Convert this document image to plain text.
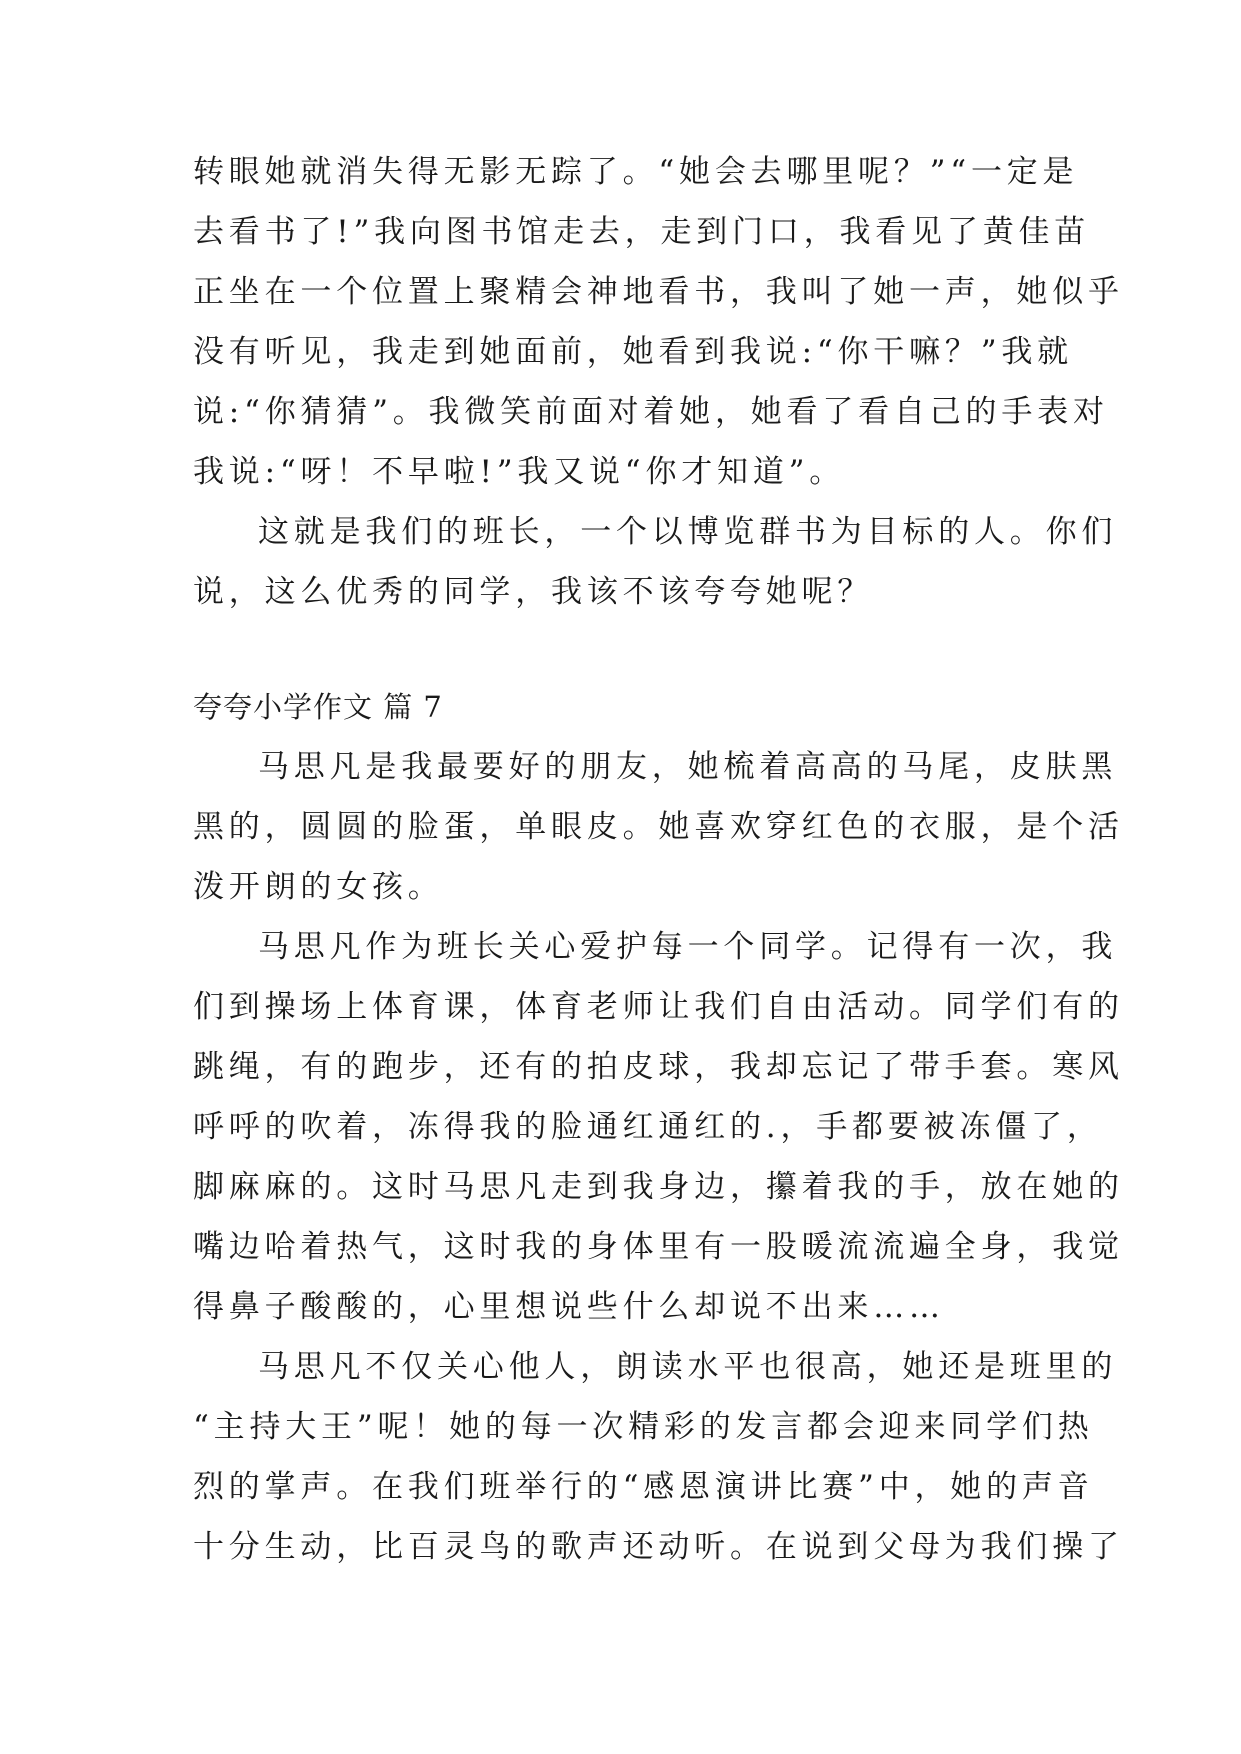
转眼她就消失得无影无踪了。“她会去哪里呢？”“一定是
去看书了!”我向图书馆走去，走到门口，我看见了黄佳苗
正坐在一个位置上聚精会神地看书，我叫了她一声，她似乎
没有听见，我走到她面前，她看到我说:“你干嘛？”我就
说:“你猜猜”。我微笑前面对着她，她看了看自己的手表对
我说:“呀！不早啦!”我又说“你才知道”。
这就是我们的班长，一个以博览群书为目标的人。你们
说，这么优秀的同学，我该不该夸夸她呢？
夸夸小学作文 篇 7
马思凡是我最要好的朋友，她梳着高高的马尾，皮肤黑
黑的，圆圆的脸蛋，单眼皮。她喜欢穿红色的衣服，是个活
泼开朗的女孩。
马思凡作为班长关心爱护每一个同学。记得有一次，我
们到操场上体育课，体育老师让我们自由活动。同学们有的
跳绳，有的跑步，还有的拍皮球，我却忘记了带手套。寒风
呼呼的吹着，冻得我的脸通红通红的.，手都要被冻僵了，
脚麻麻的。这时马思凡走到我身边，攥着我的手，放在她的
嘴边哈着热气，这时我的身体里有一股暖流流遍全身，我觉
得鼻子酸酸的，心里想说些什么却说不出来……
马思凡不仅关心他人，朗读水平也很高，她还是班里的
“主持大王”呢！她的每一次精彩的发言都会迎来同学们热
烈的掌声。在我们班举行的“感恩演讲比赛”中，她的声音
十分生动，比百灵鸟的歌声还动听。在说到父母为我们操了
